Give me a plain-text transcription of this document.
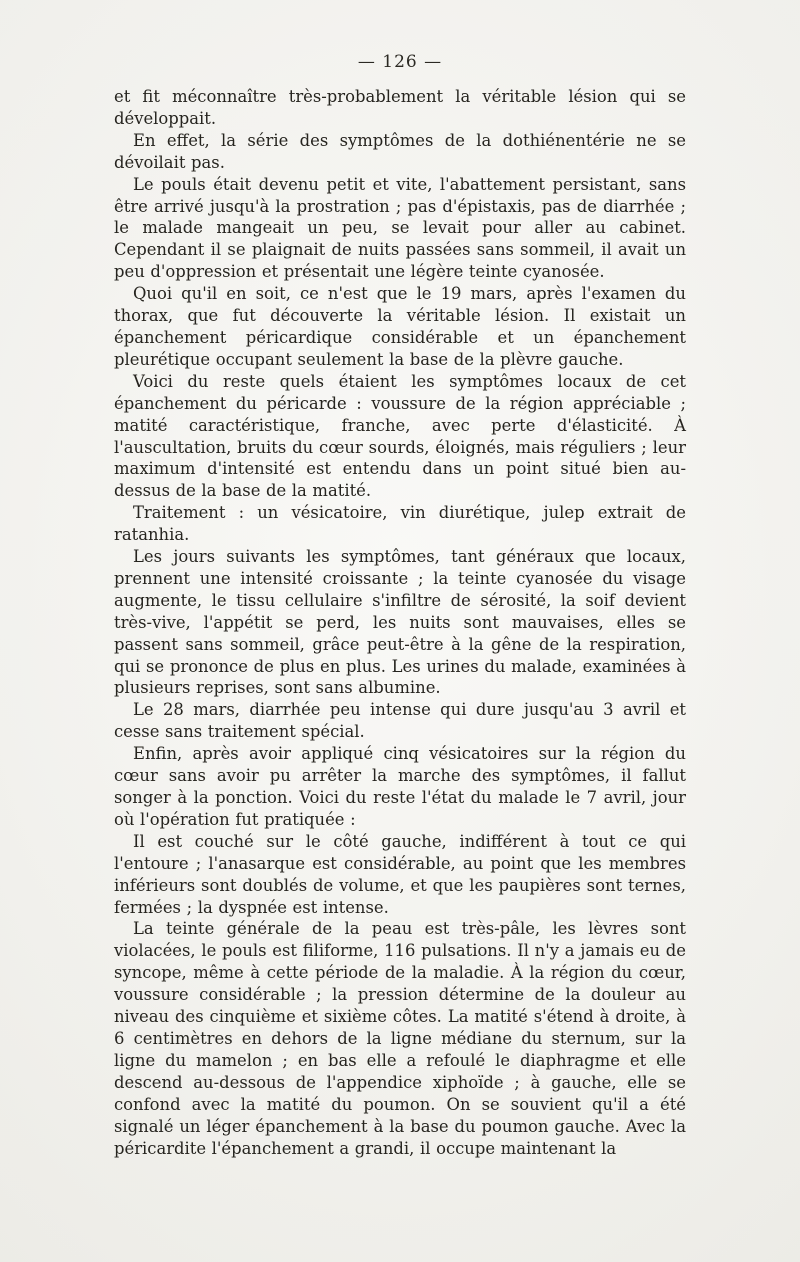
— 126 —

et fit méconnaître très-probablement la véritable lésion qui se développait.

En effet, la série des symptômes de la dothiénentérie ne se dévoilait pas.

Le pouls était devenu petit et vite, l'abattement persistant, sans être arrivé jusqu'à la prostration ; pas d'épistaxis, pas de diarrhée ; le malade mangeait un peu, se levait pour aller au cabinet. Cependant il se plaignait de nuits passées sans sommeil, il avait un peu d'oppression et présentait une légère teinte cyanosée.

Quoi qu'il en soit, ce n'est que le 19 mars, après l'examen du thorax, que fut découverte la véritable lésion. Il existait un épanchement péricardique considérable et un épanchement pleurétique occupant seulement la base de la plèvre gauche.

Voici du reste quels étaient les symptômes locaux de cet épanchement du péricarde : voussure de la région appréciable ; matité caractéristique, franche, avec perte d'élasticité. À l'auscultation, bruits du cœur sourds, éloignés, mais réguliers ; leur maximum d'intensité est entendu dans un point situé bien au-dessus de la base de la matité.

Traitement : un vésicatoire, vin diurétique, julep extrait de ratanhia.

Les jours suivants les symptômes, tant généraux que locaux, prennent une intensité croissante ; la teinte cyanosée du visage augmente, le tissu cellulaire s'infiltre de sérosité, la soif devient très-vive, l'appétit se perd, les nuits sont mauvaises, elles se passent sans sommeil, grâce peut-être à la gêne de la respiration, qui se prononce de plus en plus. Les urines du malade, examinées à plusieurs reprises, sont sans albumine.

Le 28 mars, diarrhée peu intense qui dure jusqu'au 3 avril et cesse sans traitement spécial.

Enfin, après avoir appliqué cinq vésicatoires sur la région du cœur sans avoir pu arrêter la marche des symptômes, il fallut songer à la ponction. Voici du reste l'état du malade le 7 avril, jour où l'opération fut pratiquée :

Il est couché sur le côté gauche, indifférent à tout ce qui l'entoure ; l'anasarque est considérable, au point que les membres inférieurs sont doublés de volume, et que les paupières sont ternes, fermées ; la dyspnée est intense.

La teinte générale de la peau est très-pâle, les lèvres sont violacées, le pouls est filiforme, 116 pulsations. Il n'y a jamais eu de syncope, même à cette période de la maladie. À la région du cœur, voussure considérable ; la pression détermine de la douleur au niveau des cinquième et sixième côtes. La matité s'étend à droite, à 6 centimètres en dehors de la ligne médiane du sternum, sur la ligne du mamelon ; en bas elle a refoulé le diaphragme et elle descend au-dessous de l'appendice xiphoïde ; à gauche, elle se confond avec la matité du poumon. On se souvient qu'il a été signalé un léger épanchement à la base du poumon gauche. Avec la péricardite l'épanchement a grandi, il occupe maintenant la
